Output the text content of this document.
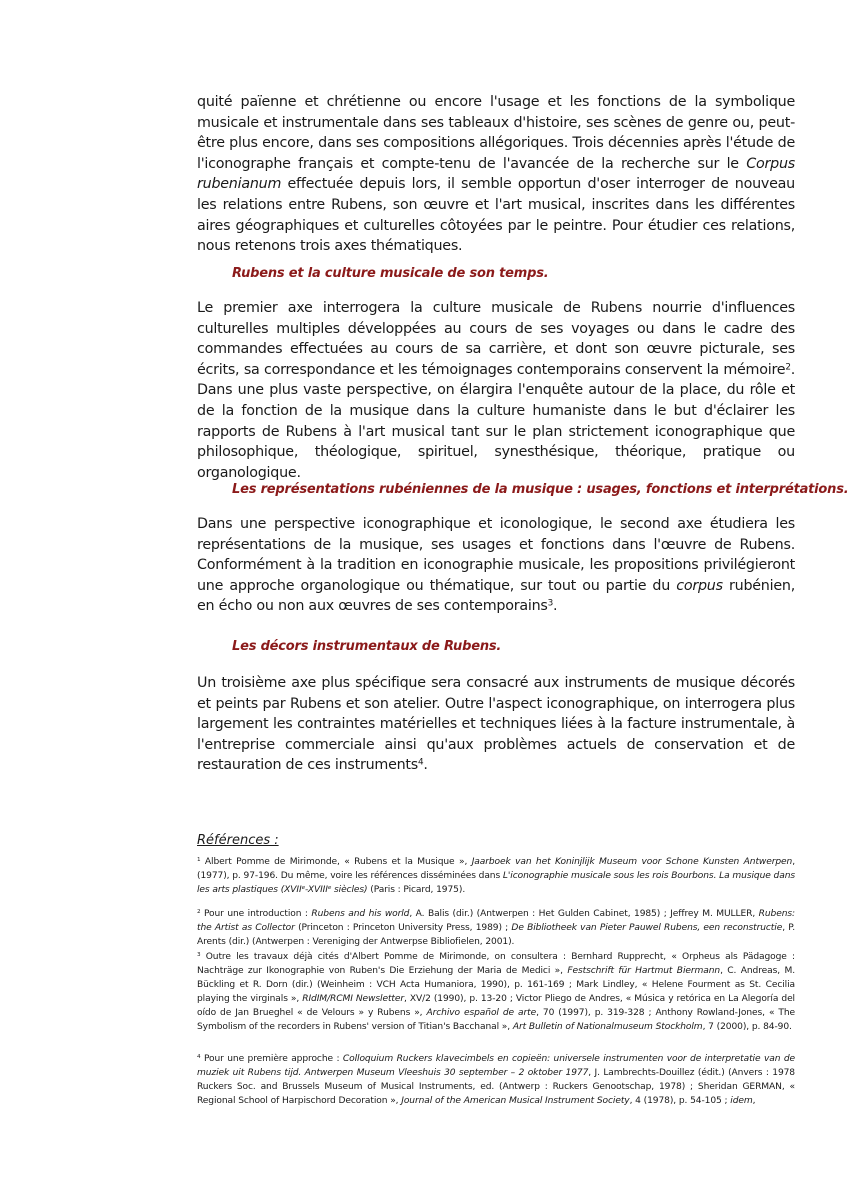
quité païenne et chrétienne ou encore l'usage et les fonctions de la symbolique musicale et instrumentale dans ses tableaux d'histoire, ses scènes de genre ou, peut-être plus encore, dans ses compositions allégoriques. Trois décennies après l'étude de l'iconographe français et compte-tenu de l'avancée de la recherche sur le Corpus rubenianum effectuée depuis lors, il semble opportun d'oser interroger de nouveau les relations entre Rubens, son œuvre et l'art musical, inscrites dans les différentes aires géographiques et culturelles côtoyées par le peintre. Pour étudier ces relations, nous retenons trois axes thématiques.

Rubens et la culture musicale de son temps.

Le premier axe interrogera la culture musicale de Rubens nourrie d'influences culturelles multiples développées au cours de ses voyages ou dans le cadre des commandes effectuées au cours de sa carrière, et dont son œuvre picturale, ses écrits, sa correspondance et les témoignages contemporains conservent la mémoire$^2$. Dans une plus vaste perspective, on élargira l'enquête autour de la place, du rôle et de la fonction de la musique dans la culture humaniste dans le but d'éclairer les rapports de Rubens à l'art musical tant sur le plan strictement iconographique que philosophique, théologique, spirituel, synesthésique, théorique, pratique ou organologique.

Les représentations rubéniennes de la musique : usages, fonctions et interprétations.

Dans une perspective iconographique et iconologique, le second axe étudiera les représentations de la musique, ses usages et fonctions dans l'œuvre de Rubens. Conformément à la tradition en iconographie musicale, les propositions privilégieront une approche organologique ou thématique, sur tout ou partie du corpus rubénien, en écho ou non aux œuvres de ses contemporains$^3$.

Les décors instrumentaux de Rubens.

Un troisième axe plus spécifique sera consacré aux instruments de musique décorés et peints par Rubens et son atelier. Outre l'aspect iconographique, on interrogera plus largement les contraintes matérielles et techniques liées à la facture instrumentale, à l'entreprise commerciale ainsi qu'aux problèmes actuels de conservation et de restauration de ces instruments$^4$.

Références :

$^1$ Albert Pomme de Mirimonde, « Rubens et la Musique », Jaarboek van het Koninjlijk Museum voor Schone Kunsten Antwerpen, (1977), p. 97-196. Du même, voire les références disséminées dans L'iconographie musicale sous les rois Bourbons. La musique dans les arts plastiques (XVIIe-XVIIIe siècles) (Paris : Picard, 1975).

$^2$ Pour une introduction : Rubens and his world, A. Balis (dir.) (Antwerpen : Het Gulden Cabinet, 1985) ; Jeffrey M. MULLER, Rubens: the Artist as Collector (Princeton : Princeton University Press, 1989) ; De Bibliotheek van Pieter Pauwel Rubens, een reconstructie, P. Arents (dir.) (Antwerpen : Vereniging der Antwerpse Bibliofielen, 2001).

$^3$ Outre les travaux déjà cités d'Albert Pomme de Mirimonde, on consultera : Bernhard Rupprecht, « Orpheus als Pädagoge : Nachträge zur Ikonographie von Ruben's Die Erziehung der Maria de Medici », Festschrift für Hartmut Biermann, C. Andreas, M. Bückling et R. Dorn (dir.) (Weinheim : VCH Acta Humaniora, 1990), p. 161-169 ; Mark Lindley, « Helene Fourment as St. Cecilia playing the virginals », RIdIM/RCMI Newsletter, XV/2 (1990), p. 13-20 ; Victor Pliego de Andres, « Música y retórica en La Alegoría del oído de Jan Brueghel « de Velours » y Rubens », Archivo español de arte, 70 (1997), p. 319-328 ; Anthony Rowland-Jones, « The Symbolism of the recorders in Rubens' version of Titian's Bacchanal », Art Bulletin of Nationalmuseum Stockholm, 7 (2000), p. 84-90.

$^4$ Pour une première approche : Colloquium Ruckers klavecimbels en copieën: universele instrumenten voor de interpretatie van de muziek uit Rubens tijd. Antwerpen Museum Vleeshuis 30 september – 2 oktober 1977, J. Lambrechts-Douillez (édit.) (Anvers : 1978 Ruckers Soc. and Brussels Museum of Musical Instruments, ed. (Antwerp : Ruckers Genootschap, 1978) ; Sheridan GERMAN, « Regional School of Harpischord Decoration », Journal of the American Musical Instrument Society, 4 (1978), p. 54-105 ; idem,
